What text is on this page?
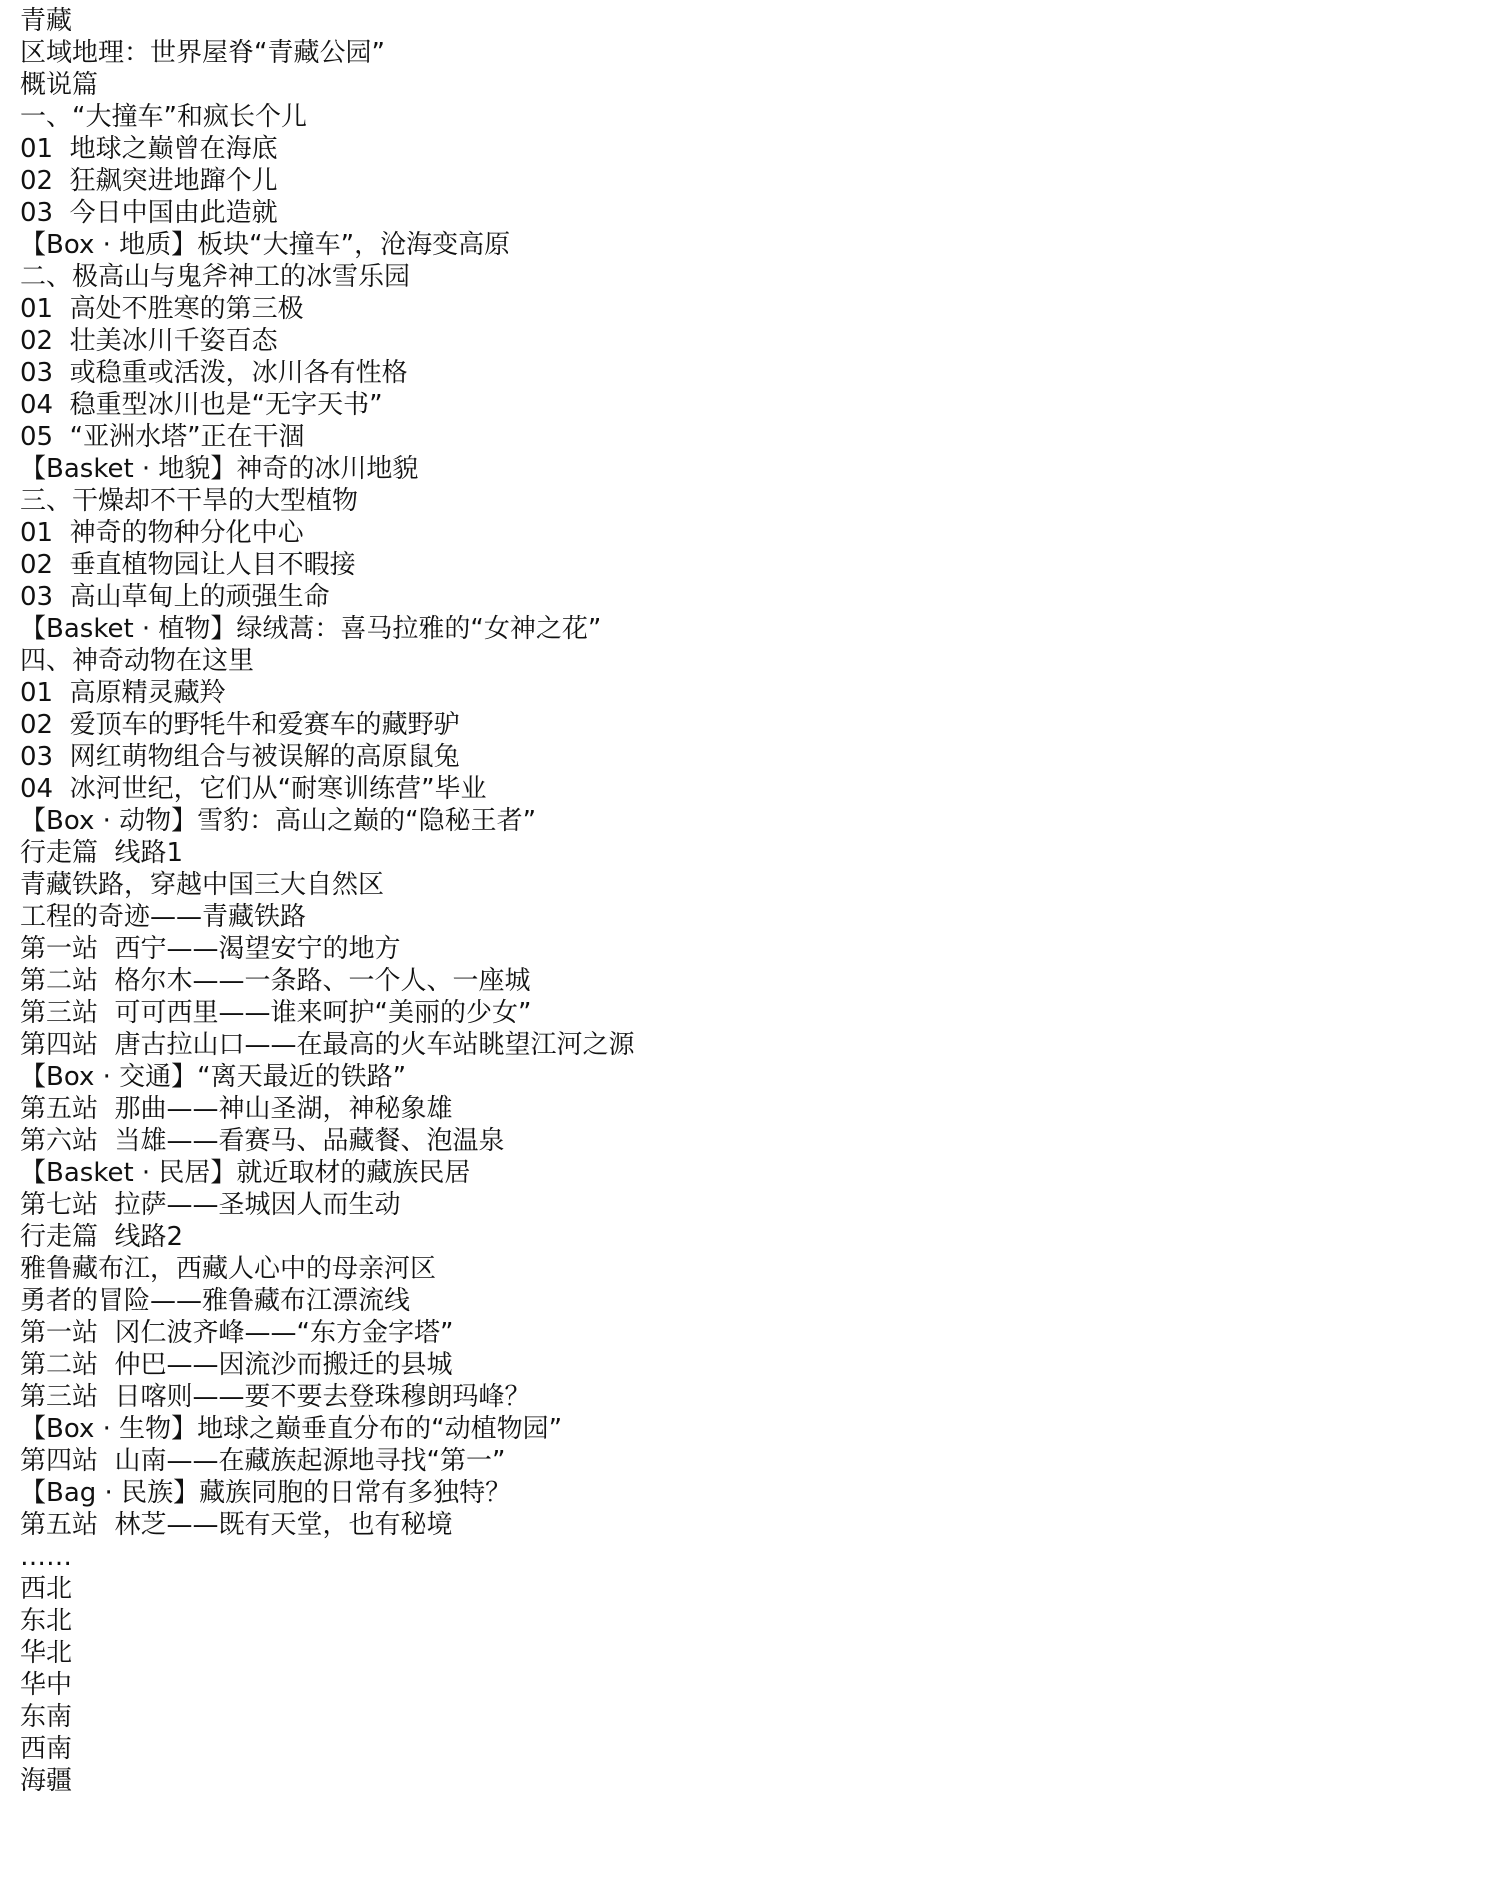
青藏
区域地理：世界屋脊“青藏公园”
概说篇
一、“大撞车”和疯长个儿
01  地球之巅曾在海底
02  狂飙突进地蹿个儿
03  今日中国由此造就
【Box · 地质】板块“大撞车”，沧海变高原
二、极高山与鬼斧神工的冰雪乐园
01  高处不胜寒的第三极
02  壮美冰川千姿百态
03  或稳重或活泼，冰川各有性格
04  稳重型冰川也是“无字天书”
05  “亚洲水塔”正在干涸
【Basket · 地貌】神奇的冰川地貌
三、干燥却不干旱的大型植物
01  神奇的物种分化中心
02  垂直植物园让人目不暇接
03  高山草甸上的顽强生命
【Basket · 植物】绿绒蒿：喜马拉雅的“女神之花”
四、神奇动物在这里
01  高原精灵藏羚
02  爱顶车的野牦牛和爱赛车的藏野驴
03  网红萌物组合与被误解的高原鼠兔
04  冰河世纪，它们从“耐寒训练营”毕业
【Box · 动物】雪豹：高山之巅的“隐秘王者”
行走篇  线路1
青藏铁路，穿越中国三大自然区
工程的奇迹——青藏铁路
第一站  西宁——渴望安宁的地方
第二站  格尔木——一条路、一个人、一座城
第三站  可可西里——谁来呵护“美丽的少女”
第四站  唐古拉山口——在最高的火车站眺望江河之源
【Box · 交通】“离天最近的铁路”
第五站  那曲——神山圣湖，神秘象雄
第六站  当雄——看赛马、品藏餐、泡温泉
【Basket · 民居】就近取材的藏族民居
第七站  拉萨——圣城因人而生动
行走篇  线路2
雅鲁藏布江，西藏人心中的母亲河区
勇者的冒险——雅鲁藏布江漂流线
第一站  冈仁波齐峰——“东方金字塔”
第二站  仲巴——因流沙而搬迁的县城
第三站  日喀则——要不要去登珠穆朗玛峰？
【Box · 生物】地球之巅垂直分布的“动植物园”
第四站  山南——在藏族起源地寻找“第一”
【Bag · 民族】藏族同胞的日常有多独特？
第五站  林芝——既有天堂，也有秘境
……
西北
东北
华北
华中
东南
西南
海疆
